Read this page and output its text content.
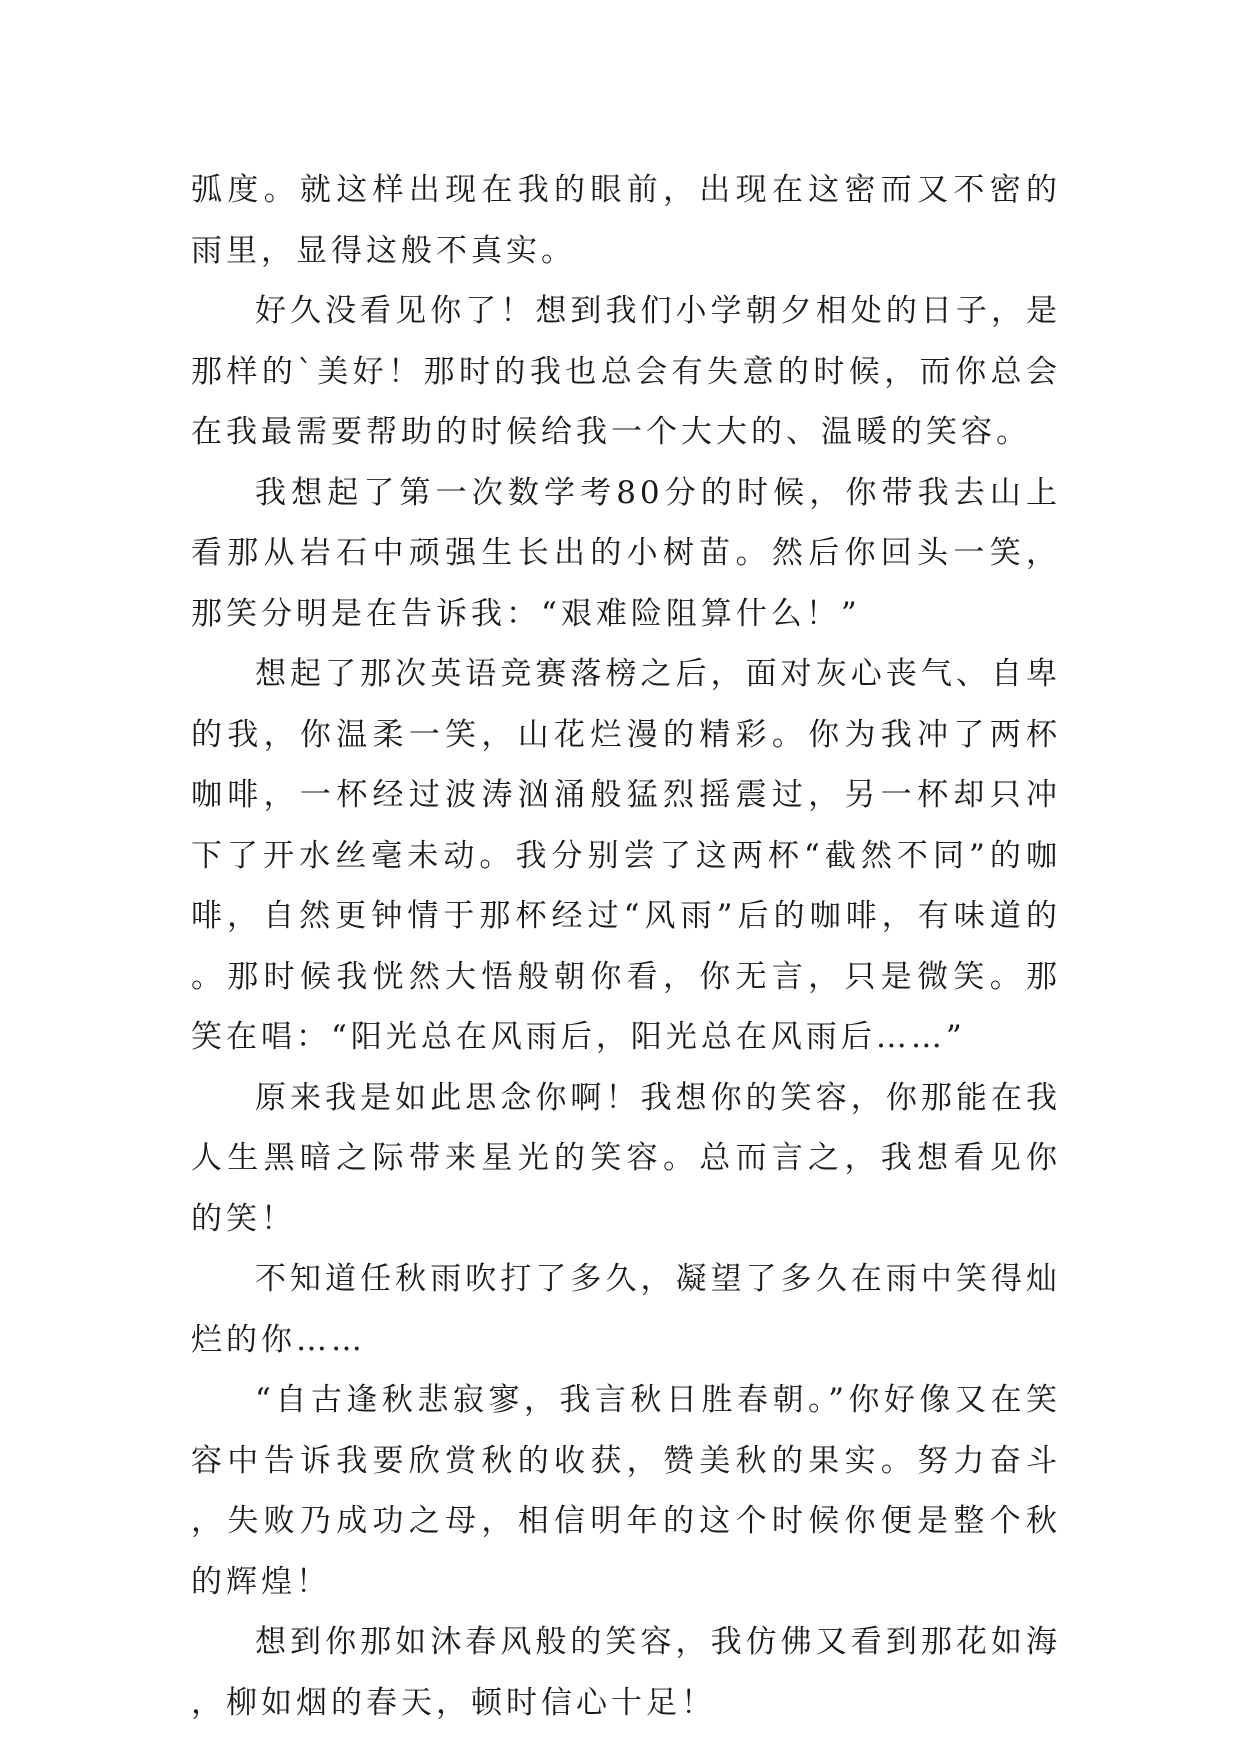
弧度。就这样出现在我的眼前，出现在这密而又不密的雨里，显得这般不真实。

好久没看见你了！想到我们小学朝夕相处的日子，是那样的`美好！那时的我也总会有失意的时候，而你总会在我最需要帮助的时候给我一个大大的、温暖的笑容。

我想起了第一次数学考80分的时候，你带我去山上看那从岩石中顽强生长出的小树苗。然后你回头一笑，那笑分明是在告诉我：“艰难险阻算什么！”

想起了那次英语竞赛落榜之后，面对灰心丧气、自卑的我，你温柔一笑，山花烂漫的精彩。你为我冲了两杯咖啡，一杯经过波涛汹涌般猛烈摇震过，另一杯却只冲下了开水丝毫未动。我分别尝了这两杯“截然不同”的咖啡，自然更钟情于那杯经过“风雨”后的咖啡，有味道的。那时候我恍然大悟般朝你看，你无言，只是微笑。那笑在唱：“阳光总在风雨后，阳光总在风雨后……”

原来我是如此思念你啊！我想你的笑容，你那能在我人生黑暗之际带来星光的笑容。总而言之，我想看见你的笑！

不知道任秋雨吹打了多久，凝望了多久在雨中笑得灿烂的你……

“自古逢秋悲寂寥，我言秋日胜春朝。”你好像又在笑容中告诉我要欣赏秋的收获，赞美秋的果实。努力奋斗，失败乃成功之母，相信明年的这个时候你便是整个秋的辉煌！

想到你那如沐春风般的笑容，我仿佛又看到那花如海，柳如烟的春天，顿时信心十足！
